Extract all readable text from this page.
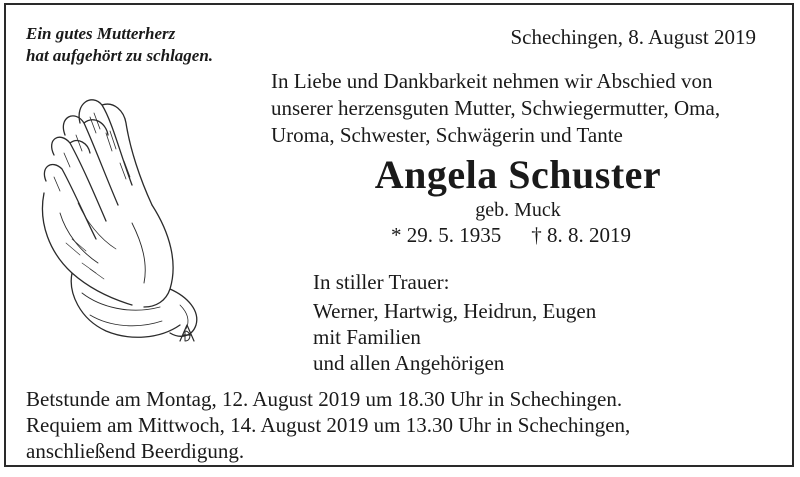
Ein gutes Mutterherz
hat aufgehört zu schlagen.
Schechingen, 8. August 2019
In Liebe und Dankbarkeit nehmen wir Abschied von
unserer herzensguten Mutter, Schwiegermutter, Oma,
Uroma, Schwester, Schwägerin und Tante
Angela Schuster
geb. Muck
* 29. 5. 1935 † 8. 8. 2019
In stiller Trauer:
Werner, Hartwig, Heidrun, Eugen
mit Familien
und allen Angehörigen
Betstunde am Montag, 12. August 2019 um 18.30 Uhr in Schechingen.
Requiem am Mittwoch, 14. August 2019 um 13.30 Uhr in Schechingen,
anschließend Beerdigung.
